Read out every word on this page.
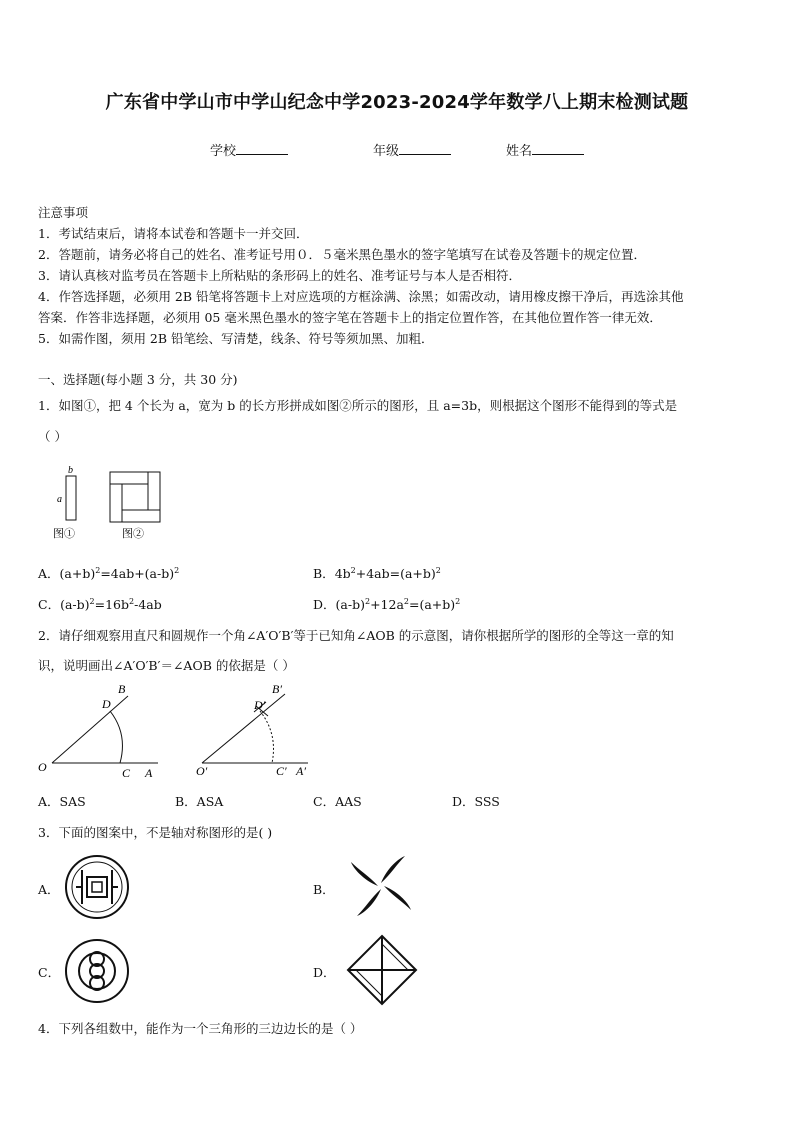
广东省中学山市中学山纪念中学2023-2024学年数学八上期末检测试题
学校	年级	姓名
注意事项
1．考试结束后，请将本试卷和答题卡一并交回．
2．答题前，请务必将自己的姓名、准考证号用０．５毫米黑色墨水的签字笔填写在试卷及答题卡的规定位置．
3．请认真核对监考员在答题卡上所粘贴的条形码上的姓名、准考证号与本人是否相符．
4．作答选择题，必须用 2B 铅笔将答题卡上对应选项的方框涂满、涂黑；如需改动，请用橡皮擦干净后，再选涂其他
答案．作答非选择题，必须用 05 毫米黑色墨水的签字笔在答题卡上的指定位置作答，在其他位置作答一律无效．
5．如需作图，须用 2B 铅笔绘、写清楚，线条、符号等须加黑、加粗．
一、选择题(每小题 3 分，共 30 分)
1．如图①，把 4 个长为 a，宽为 b 的长方形拼成如图②所示的图形，且 a=3b，则根据这个图形不能得到的等式是
（ ）
b
a
图①	图②
A．$(a+b)^2=4ab+(a-b)^2$	B．$4b^2+4ab=(a+b)^2$
C．$(a-b)^2=16b^2-4ab$	D．$(a-b)^2+12a^2=(a+b)^2$
2．请仔细观察用直尺和圆规作一个角∠A′O′B′等于已知角∠AOB 的示意图，请你根据所学的图形的全等这一章的知
识，说明画出∠A′O′B′＝∠AOB 的依据是（ ）
O	C A
B
D
O′	C′ A′
B′
D′
A．SAS	B．ASA	C．AAS	D．SSS
3．下面的图案中，不是轴对称图形的是( )
A．	B．
C．	D．
4．下列各组数中，能作为一个三角形的三边边长的是（ ）
